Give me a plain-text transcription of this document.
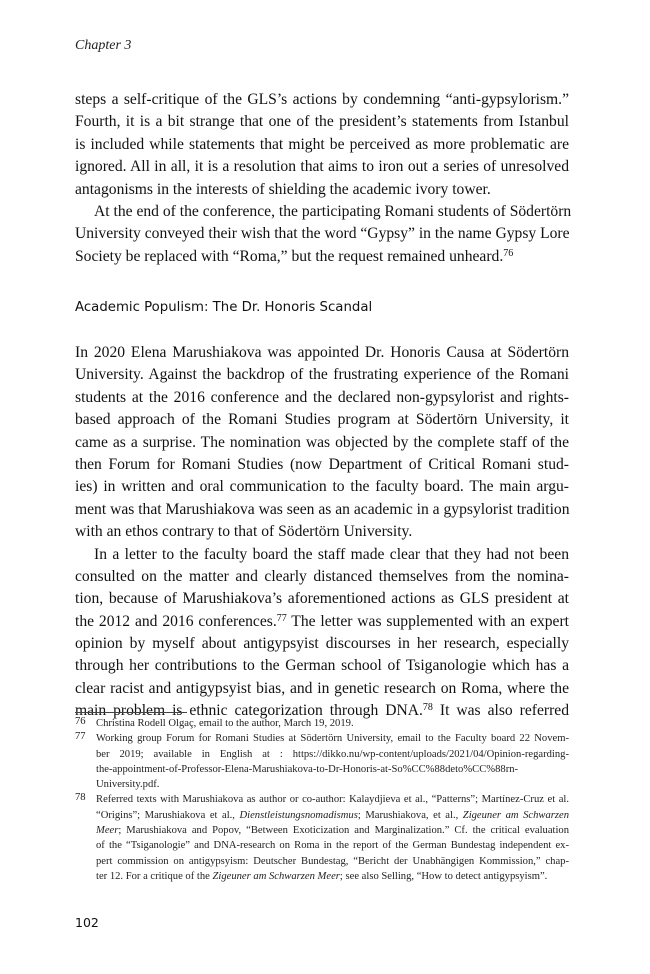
Chapter 3
steps a self-critique of the GLS’s actions by condemning “anti-gypsylorism.”
Fourth, it is a bit strange that one of the president’s statements from Istanbul
is included while statements that might be perceived as more problematic are
ignored. All in all, it is a resolution that aims to iron out a series of unresolved
antagonisms in the interests of shielding the academic ivory tower.
At the end of the conference, the participating Romani students of Södertörn
University conveyed their wish that the word “Gypsy” in the name Gypsy Lore
Society be replaced with “Roma,” but the request remained unheard.$^{76}$
Academic Populism: The Dr. Honoris Scandal
In 2020 Elena Marushiakova was appointed Dr. Honoris Causa at Södertörn
University. Against the backdrop of the frustrating experience of the Romani
students at the 2016 conference and the declared non-gypsylorist and rights-
based approach of the Romani Studies program at Södertörn University, it
came as a surprise. The nomination was objected by the complete staff of the
then Forum for Romani Studies (now Department of Critical Romani stud-
ies) in written and oral communication to the faculty board. The main argu-
ment was that Marushiakova was seen as an academic in a gypsylorist tradition
with an ethos contrary to that of Södertörn University.
In a letter to the faculty board the staff made clear that they had not been
consulted on the matter and clearly distanced themselves from the nomina-
tion, because of Marushiakova’s aforementioned actions as GLS president at
the 2012 and 2016 conferences.$^{77}$ The letter was supplemented with an expert
opinion by myself about antigypsyist discourses in her research, especially
through her contributions to the German school of Tsiganologie which has a
clear racist and antigypsyist bias, and in genetic research on Roma, where the
main problem is ethnic categorization through DNA.$^{78}$ It was also referred
76 Christina Rodell Olgaç, email to the author, March 19, 2019.
77 Working group Forum for Romani Studies at Södertörn University, email to the Faculty board 22 Novem-
ber 2019; available in English at : https://dikko.nu/wp-content/uploads/2021/04/Opinion-regarding-
the-appointment-of-Professor-Elena-Marushiakova-to-Dr-Honoris-at-So%CC%88deto%CC%88rn-
University.pdf.
78 Referred texts with Marushiakova as author or co-author: Kalaydjieva et al., “Patterns”; Martínez-Cruz et al.
“Origins”; Marushiakova et al., Dienstleistungsnomadismus; Marushiakova, et al., Zigeuner am Schwarzen
Meer; Marushiakova and Popov, “Between Exoticization and Marginalization.” Cf. the critical evaluation
of the “Tsiganologie” and DNA-research on Roma in the report of the German Bundestag independent ex-
pert commission on antigypsyism: Deutscher Bundestag, “Bericht der Unabhängigen Kommission,” chap-
ter 12. For a critique of the Zigeuner am Schwarzen Meer; see also Selling, “How to detect antigypsyism”.
102
